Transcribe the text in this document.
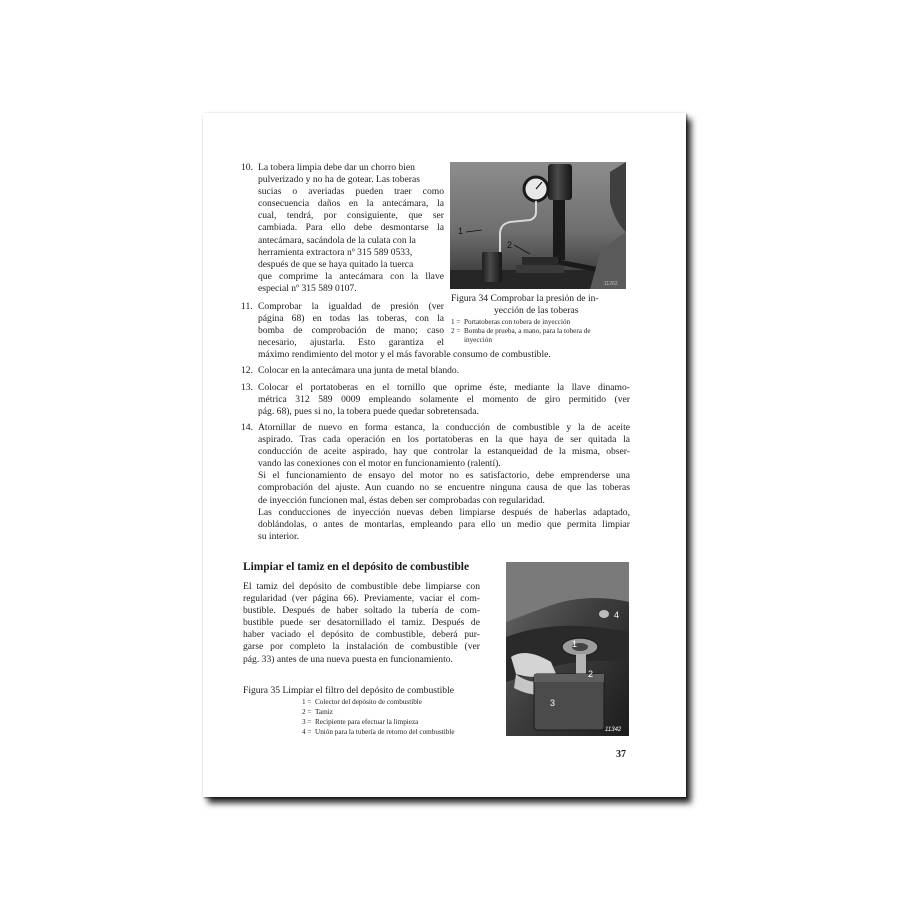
10. La tobera limpia debe dar un chorro bien
pulverizado y no ha de gotear. Las toberas
sucias o averiadas pueden traer como
consecuencia daños en la antecámara, la
cual, tendrá, por consiguiente, que ser
cambiada. Para ello debe desmontarse la
antecámara, sacándola de la culata con la
herramienta extractora nº 315 589 0533,
después de que se haya quitado la tuerca
que comprime la antecámara con la llave
especial nº 315 589 0107.
11. Comprobar la igualdad de presión (ver
página 68) en todas las toberas, con la
bomba de comprobación de mano; caso
necesario, ajustarla. Esto garantiza el
máximo rendimiento del motor y el más favorable consumo de combustible.
1
2
11262
Figura 34 Comprobar la presión de in-
yección de las toberas
1 = Portatoberas con tobera de inyección
2 = Bomba de prueba, a mano, para la tobera de
inyección
12. Colocar en la antecámara una junta de metal blando.
13. Colocar el portatoberas en el tornillo que oprime éste, mediante la llave dinamo-
métrica 312 589 0009 empleando solamente el momento de giro permitido (ver
pág. 68), pues si no, la tobera puede quedar sobretensada.
14. Atornillar de nuevo en forma estanca, la conducción de combustible y la de aceite
aspirado. Tras cada operación en los portatoberas en la que haya de ser quitada la
conducción de aceite aspirado, hay que controlar la estanqueidad de la misma, obser-
vando las conexiones con el motor en funcionamiento (ralentí).
Si el funcionamiento de ensayo del motor no es satisfactorio, debe emprenderse una
comprobación del ajuste. Aun cuando no se encuentre ninguna causa de que las toberas
de inyección funcionen mal, éstas deben ser comprobadas con regularidad.
Las conducciones de inyección nuevas deben limpiarse después de haberlas adaptado,
doblándolas, o antes de montarlas, empleando para ello un medio que permita limpiar
su interior.
Limpiar el tamiz en el depósito de combustible
El tamiz del depósito de combustible debe limpiarse con
regularidad (ver página 66). Previamente, vaciar el com-
bustible. Después de haber soltado la tubería de com-
bustible puede ser desatornillado el tamiz. Después de
haber vaciado el depósito de combustible, deberá pur-
garse por completo la instalación de combustible (ver
pág. 33) antes de una nueva puesta en funcionamiento.
1
2
3
4
11342
Figura 35 Limpiar el filtro del depósito de combustible
1 = Colector del depósito de combustible
2 = Tamiz
3 = Recipiente para efectuar la limpieza
4 = Unión para la tubería de retorno del combustible
37
